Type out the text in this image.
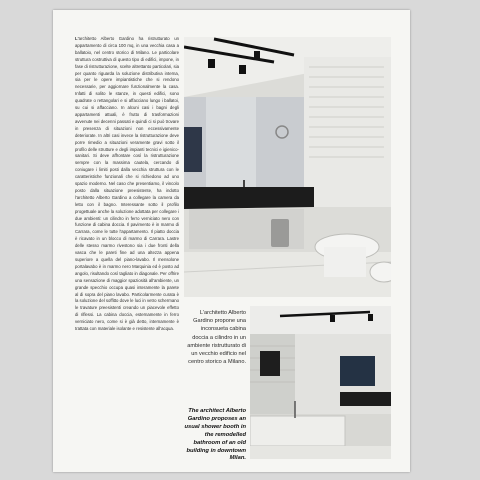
L'architetto Alberto Gardino ha ristrutturato un appartamento di circa 100 mq, in una vecchia casa a ballatoio, nel centro storico di Milano. Le particolare struttura costruttiva di questo tipo di edifici, impone, in fase di ristrutturazione, scelte altrettanto particolari, sia per quanto riguarda la soluzione distributiva interna, sia per le opere impiantistiche che si rendono necessarie, per aggiornare funzionalmente la casa. Infatti di solito le stanze, in questi edifici, sono quadrate o rettangolari e si affacciano lungo i ballatoi, su cui si affacciano. In alcuni casi i bagni degli appartamenti attuali, è frutto di trasformazioni avvenute nei decenni passati e quindi ci si può trovare in presenza di situazioni non eccessivamente deteriorate. In altri casi invece la ristrutturazione deve porre rimedio a situazioni veramente gravi sotto il profilo delle strutture e degli impianti tecnici e igienico-sanitari. Si deve affrontare così la ristrutturazione sempre con la massima cautela, cercando di coniugare i limiti posti dalla vecchia struttura con le caratteristiche funzionali che si richiedono ad uno spazio moderno. Nel caso che presentiamo, il vincolo posto dalla situazione preesistente, ha indotto l'architetto Alberto Gardino a collegare la camera da letto con il bagno. Interessante sotto il profilo progettuale anche la soluzione adottata per collegare i due ambienti: un cilindro in ferro verniciato nero con funzione di cabina doccia. Il pavimento è in marmo di Carrara, come le tutte l'appartamento. Il piatto doccia è ricavato in un blocco di marmo di Carrara. Lastre delle stesso marmo rivestono sia i due fronti della vasca che le pareti fine ad una altezza appena superiore a quella del piano-lavabo. Il mensolone portalavabo è in marmo nero Marquinia ed è posto ad angolo, risultando così tagliato in diagonale. Per offrire una sensazione di maggior spaziosità all'ambiente, un grande specchio occupa quasi interamente la parete al di sopra del piano lavabo. Particolarmente curata è la soluzione del soffitto dove le luci in vetro schermano le travature preesistenti creando un piacevole effetto di riflessi. La cabina doccia, esternamente in ferro verniciato nero, come si è già detto, internamente è trattata con materiale isolante e resistente all'acqua.

L'architetto Alberto Gardino propone una inconsueta cabina doccia a cilindro in un ambiente ristrutturato di un vecchio edificio nel centro storico a Milano.
The architect Alberto Gardino proposes an usual shower booth in the remodelled bathroom of an old building in downtown Milan.
